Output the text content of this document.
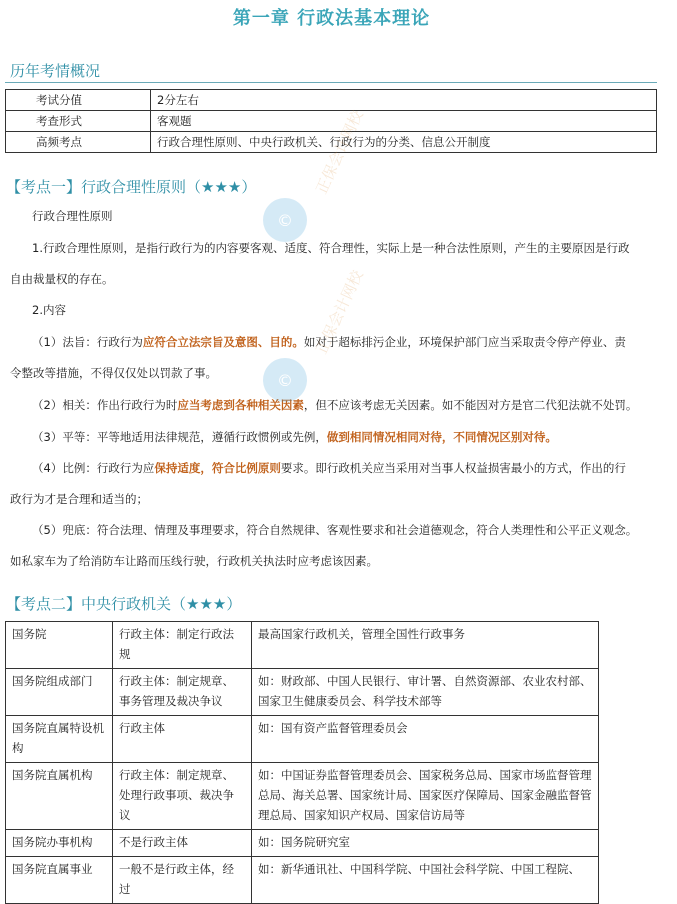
第一章 行政法基本理论
历年考情概况
考试分值	2分左右
考查形式	客观题
高频考点	行政合理性原则、中央行政机关、行政行为的分类、信息公开制度
【考点一】行政合理性原则（★★★）
行政合理性原则
1.行政合理性原则，是指行政行为的内容要客观、适度、符合理性，实际上是一种合法性原则，产生的主要原因是行政
自由裁量权的存在。
2.内容
（1）法旨：行政行为应符合立法宗旨及意图、目的。如对于超标排污企业，环境保护部门应当采取责令停产停业、责
令整改等措施，不得仅仅处以罚款了事。
（2）相关：作出行政行为时应当考虑到各种相关因素，但不应该考虑无关因素。如不能因对方是官二代犯法就不处罚。
（3）平等：平等地适用法律规范，遵循行政惯例或先例，做到相同情况相同对待，不同情况区别对待。
（4）比例：行政行为应保持适度，符合比例原则要求。即行政机关应当采用对当事人权益损害最小的方式，作出的行
政行为才是合理和适当的；
（5）兜底：符合法理、情理及事理要求，符合自然规律、客观性要求和社会道德观念，符合人类理性和公平正义观念。
如私家车为了给消防车让路而压线行驶，行政机关执法时应考虑该因素。
【考点二】中央行政机关（★★★）
国务院	行政主体：制定行政法规	最高国家行政机关，管理全国性行政事务
国务院组成部门	行政主体：制定规章、事务管理及裁决争议	如：财政部、中国人民银行、审计署、自然资源部、农业农村部、国家卫生健康委员会、科学技术部等
国务院直属特设机构	行政主体	如：国有资产监督管理委员会
国务院直属机构	行政主体：制定规章、处理行政事项、裁决争议	如：中国证券监督管理委员会、国家税务总局、国家市场监督管理总局、海关总署、国家统计局、国家医疗保障局、国家金融监督管理总局、国家知识产权局、国家信访局等
国务院办事机构	不是行政主体	如：国务院研究室
国务院直属事业	一般不是行政主体，经过	如：新华通讯社、中国科学院、中国社会科学院、中国工程院、
©
©
正保会计网校
正保会计网校
